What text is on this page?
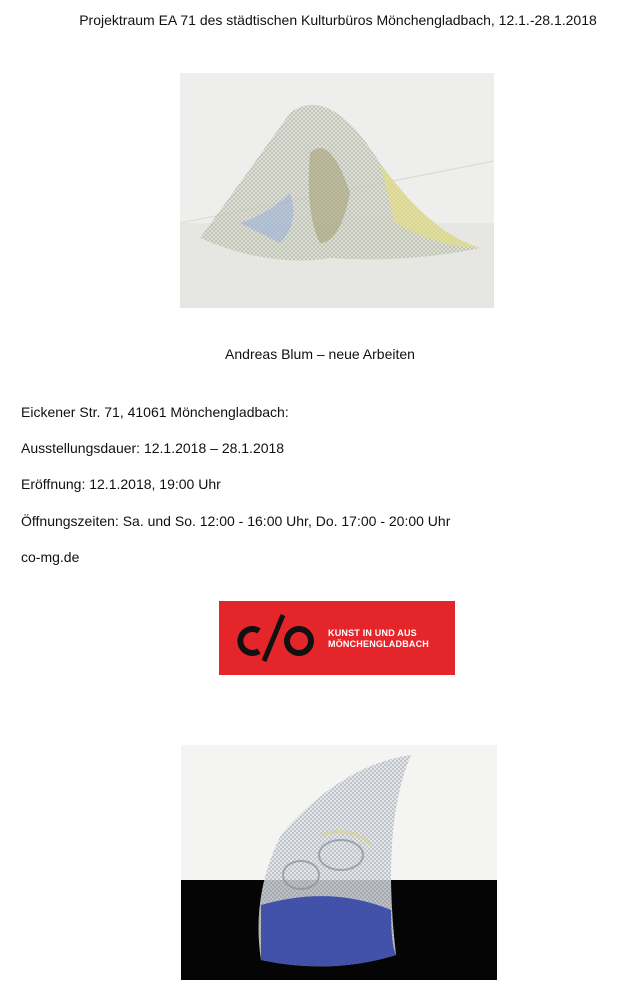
Projektraum EA 71 des städtischen Kulturbüros Mönchengladbach, 12.1.-28.1.2018
Andreas Blum – neue Arbeiten
Eickener Str. 71, 41061 Mönchengladbach:
Ausstellungsdauer: 12.1.2018 – 28.1.2018
Eröffnung: 12.1.2018, 19:00 Uhr
Öffnungszeiten: Sa. und So. 12:00 - 16:00 Uhr, Do. 17:00 - 20:00 Uhr
co-mg.de
KUNST IN UND AUS
MÖNCHENGLADBACH
